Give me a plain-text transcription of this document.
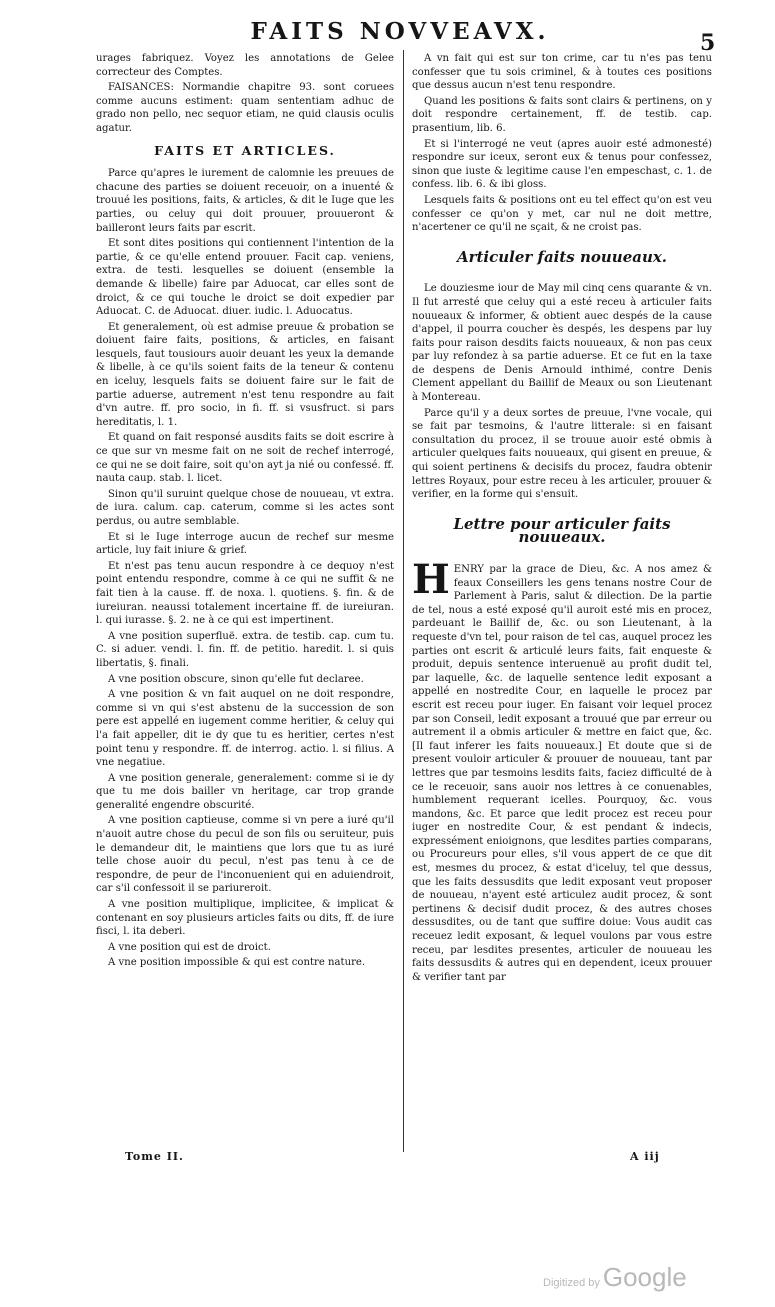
FAITS NOVVEAVX.	5

urages fabriquez. Voyez les annotations de Gelee correcteur des Comptes.

FAISANCES: Normandie chapitre 93. sont coruees comme aucuns estiment: quam sententiam adhuc de grado non pello, nec sequor etiam, ne quid clausis oculis agatur.

FAITS ET ARTICLES.

Parce qu'apres le iurement de calomnie les preuues de chacune des parties se doiuent receuoir, on a inuenté & trouué les positions, faits, & articles, & dit le Iuge que les parties, ou celuy qui doit prouuer, prouueront & bailleront leurs faits par escrit.

Et sont dites positions qui contiennent l'intention de la partie, & ce qu'elle entend prouuer. Facit cap. veniens, extra. de testi. lesquelles se doiuent (ensemble la demande & libelle) faire par Aduocat, car elles sont de droict, & ce qui touche le droict se doit expedier par Aduocat. C. de Aduocat. diuer. iudic. l. Aduocatus.

Et generalement, où est admise preuue & probation se doiuent faire faits, positions, & articles, en faisant lesquels, faut tousiours auoir deuant les yeux la demande & libelle, à ce qu'ils soient faits de la teneur & contenu en iceluy, lesquels faits se doiuent faire sur le fait de partie aduerse, autrement n'est tenu respondre au fait d'vn autre. ff. pro socio, in fi. ff. si vsusfruct. si pars hereditatis, l. 1.

Et quand on fait responsé ausdits faits se doit escrire à ce que sur vn mesme fait on ne soit de rechef interrogé, ce qui ne se doit faire, soit qu'on ayt ja nié ou confessé. ff. nauta caup. stab. l. licet.

Sinon qu'il suruint quelque chose de nouueau, vt extra. de iura. calum. cap. caterum, comme si les actes sont perdus, ou autre semblable.

Et si le Iuge interroge aucun de rechef sur mesme article, luy fait iniure & grief.

Et n'est pas tenu aucun respondre à ce dequoy n'est point entendu respondre, comme à ce qui ne suffit & ne fait tien à la cause. ff. de noxa. l. quotiens. §. fin. & de iureiuran. neaussi totalement incertaine ff. de iureiuran. l. qui iurasse. §. 2. ne à ce qui est impertinent.

A vne position superfluë. extra. de testib. cap. cum tu. C. si aduer. vendi. l. fin. ff. de petitio. haredit. l. si quis libertatis, §. finali.

A vne position obscure, sinon qu'elle fut declaree.

A vne position & vn fait auquel on ne doit respondre, comme si vn qui s'est abstenu de la succession de son pere est appellé en iugement comme heritier, & celuy qui l'a fait appeller, dit ie dy que tu es heritier, certes n'est point tenu y respondre. ff. de interrog. actio. l. si filius. A vne negatiue.

A vne position generale, generalement: comme si ie dy que tu me dois bailler vn heritage, car trop grande generalité engendre obscurité.

A vne position captieuse, comme si vn pere a iuré qu'il n'auoit autre chose du pecul de son fils ou seruiteur, puis le demandeur dit, le maintiens que lors que tu as iuré telle chose auoir du pecul, n'est pas tenu à ce de respondre, de peur de l'inconuenient qui en aduiendroit, car s'il confessoit il se pariureroit.

A vne position multiplique, implicitee, & implicat & contenant en soy plusieurs articles faits ou dits, ff. de iure fisci, l. ita deberi.

A vne position qui est de droict.

A vne position impossible & qui est contre nature.

A vn fait qui est sur ton crime, car tu n'es pas tenu confesser que tu sois criminel, & à toutes ces positions que dessus aucun n'est tenu respondre.

Quand les positions & faits sont clairs & pertinens, on y doit respondre certainement, ff. de testib. cap. prasentium, lib. 6.

Et si l'interrogé ne veut (apres auoir esté admonesté) respondre sur iceux, seront eux & tenus pour confessez, sinon que iuste & legitime cause l'en empeschast, c. 1. de confess. lib. 6. & ibi gloss.

Lesquels faits & positions ont eu tel effect qu'on est veu confesser ce qu'on y met, car nul ne doit mettre, n'acertener ce qu'il ne sçait, & ne croist pas.

Articuler faits nouueaux.

Le douziesme iour de May mil cinq cens quarante & vn. Il fut arresté que celuy qui a esté receu à articuler faits nouueaux & informer, & obtient auec despés de la cause d'appel, il pourra coucher ès despés, les despens par luy faits pour raison desdits faicts nouueaux, & non pas ceux par luy refondez à sa partie aduerse. Et ce fut en la taxe de despens de Denis Arnould inthimé, contre Denis Clement appellant du Baillif de Meaux ou son Lieutenant à Montereau.

Parce qu'il y a deux sortes de preuue, l'vne vocale, qui se fait par tesmoins, & l'autre litterale: si en faisant consultation du procez, il se trouue auoir esté obmis à articuler quelques faits nouueaux, qui gisent en preuue, & qui soient pertinens & decisifs du procez, faudra obtenir lettres Royaux, pour estre receu à les articuler, prouuer & verifier, en la forme qui s'ensuit.

Lettre pour articuler faits nouueaux.

H ENRY par la grace de Dieu, &c. A nos amez & feaux Conseillers les gens tenans nostre Cour de Parlement à Paris, salut & dilection. De la partie de tel, nous a esté exposé qu'il auroit esté mis en procez, pardeuant le Baillif de, &c. ou son Lieutenant, à la requeste d'vn tel, pour raison de tel cas, auquel procez les parties ont escrit & articulé leurs faits, fait enqueste & produit, depuis sentence interuenuë au profit dudit tel, par laquelle, &c. de laquelle sentence ledit exposant a appellé en nostredite Cour, en laquelle le procez par escrit est receu pour iuger. En faisant voir lequel procez par son Conseil, ledit exposant a trouué que par erreur ou autrement il a obmis articuler & mettre en faict que, &c. [Il faut inferer les faits nouueaux.] Et doute que si de present vouloir articuler & prouuer de nouueau, tant par lettres que par tesmoins lesdits faits, faciez difficulté de à ce le receuoir, sans auoir nos lettres à ce conuenables, humblement requerant icelles. Pourquoy, &c. vous mandons, &c. Et parce que ledit procez est receu pour iuger en nostredite Cour, & est pendant & indecis, expressément enioignons, que lesdites parties comparans, ou Procureurs pour elles, s'il vous appert de ce que dit est, mesmes du procez, & estat d'iceluy, tel que dessus, que les faits dessusdits que ledit exposant veut proposer de nouueau, n'ayent esté articulez audit procez, & sont pertinens & decisif dudit procez, & des autres choses dessusdites, ou de tant que suffire doiue: Vous audit cas receuez ledit exposant, & lequel voulons par vous estre receu, par lesdites presentes, articuler de nouueau les faits dessusdits & autres qui en dependent, iceux prouuer & verifier tant par

Tome II.	A iij
Digitized by Google
